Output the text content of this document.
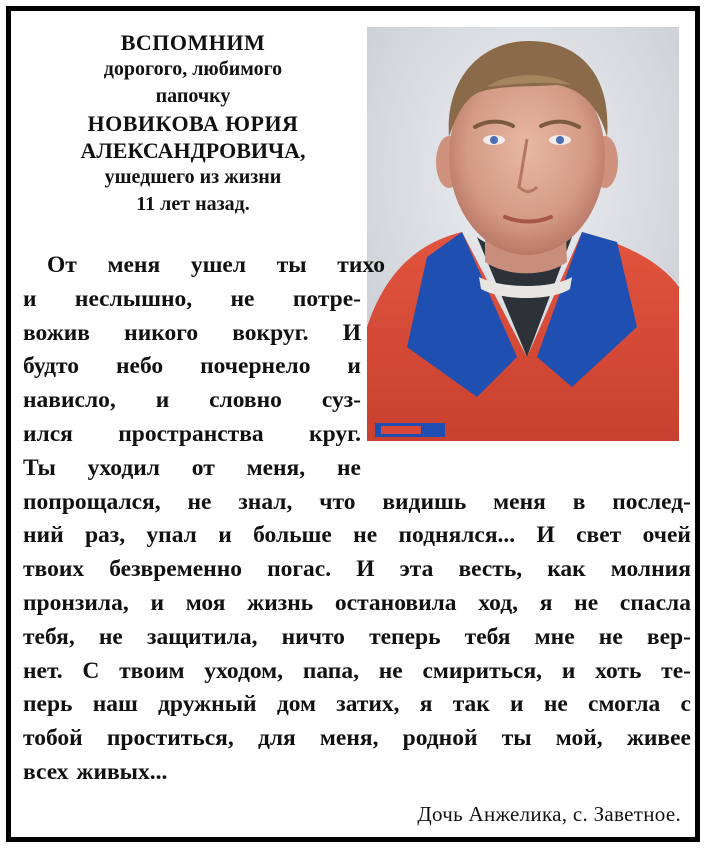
ВСПОМНИМ
дорогого, любимого
папочку
НОВИКОВА ЮРИЯ
АЛЕКСАНДРОВИЧА,
ушедшего из жизни
11 лет назад.
От меня ушел ты тихо
и неслышно, не потре-
вожив никого вокруг. И
будто небо почернело и
нависло, и словно суз-
ился пространства круг.
Ты уходил от меня, не
попрощался, не знал, что видишь меня в послед-
ний раз, упал и больше не поднялся... И свет очей
твоих безвременно погас. И эта весть, как молния
пронзила, и моя жизнь остановила ход, я не спасла
тебя, не защитила, ничто теперь тебя мне не вер-
нет. С твоим уходом, папа, не смириться, и хоть те-
перь наш дружный дом затих, я так и не смогла с
тобой проститься, для меня, родной ты мой, живее
всех живых...
Дочь Анжелика, с. Заветное.
